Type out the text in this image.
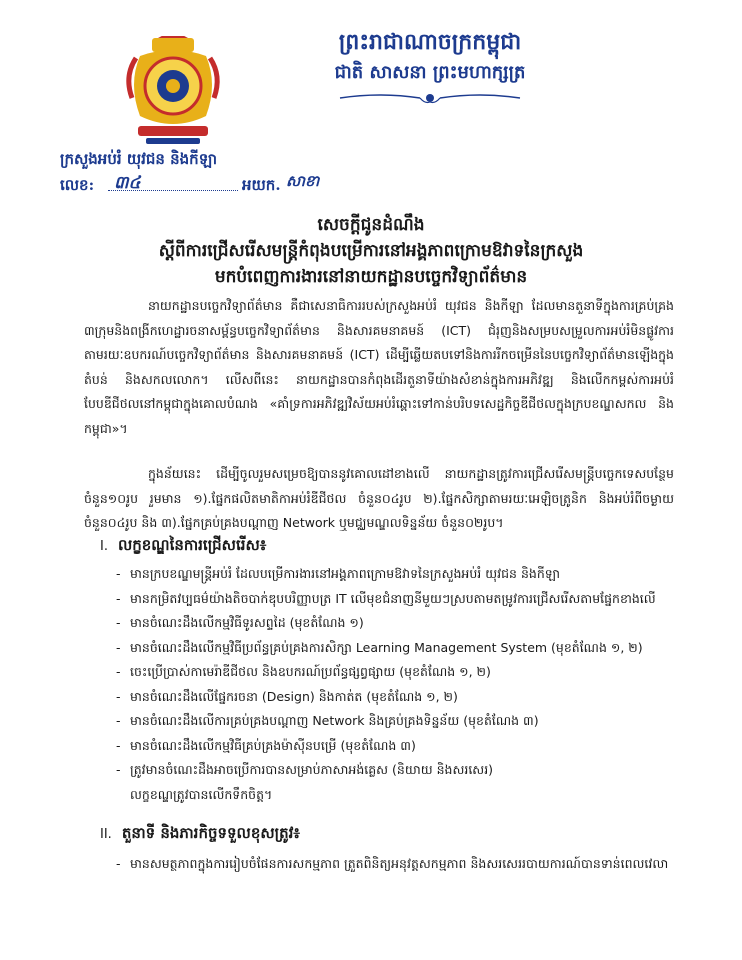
ព្រះរាជាណាចក្រកម្ពុជា
ជាតិ សាសនា ព្រះមហាក្សត្រ
ក្រសួងអប់រំ យុវជន និងកីឡា
លេខ: ៣៤	អយក. សាខា
សេចក្តីជូនដំណឹង
ស្តីពីការជ្រើសរើសមន្ត្រីកំពុងបម្រើការនៅអង្គភាពក្រោមឱវាទនៃក្រសួង
មកបំពេញការងារនៅនាយកដ្ឋានបច្ចេកវិទ្យាព័ត៌មាន
នាយកដ្ឋានបច្ចេកវិទ្យាព័ត៌មាន គឺជាសេនាធិការរបស់ក្រសួងអប់រំ យុវជន និងកីឡា ដែលមានតួនាទីក្នុងការគ្រប់គ្រង ៣ក្រុមនិងពង្រីកហេដ្ឋារចនាសម្ព័ន្ធបច្ចេកវិទ្យាព័ត៌មាន និងសារគមនាគមន៍ (ICT) ជំរុញនិងសម្របសម្រួលការអប់រំមិនផ្លូវការតាមរយៈឧបករណ៍បច្ចេកវិទ្យាព័ត៌មាន និងសារគមនាគមន៍ (ICT) ដើម្បីឆ្លើយតបទៅនិងការរីកចម្រើននៃបច្ចេកវិទ្យាព័ត៌មានឡើងក្នុងតំបន់ និងសកលលោក។ លើសពីនេះ នាយកដ្ឋានបានកំពុងដើរតួនាទីយ៉ាងសំខាន់ក្នុងការអភិវឌ្ឍ និងលើកកម្ពស់ការអប់រំបែបឌីជីថលនៅកម្ពុជាក្នុងគោលបំណង «គាំទ្រការអភិវឌ្ឍវិស័យអប់រំឆ្ពោះទៅកាន់បរិបទសេដ្ឋកិច្ចឌីជីថលក្នុងក្របខណ្ឌសកល និងកម្ពុជា»។
ក្នុងន័យនេះ ដើម្បីចូលរួមសម្រេចឱ្យបាននូវគោលដៅខាងលើ នាយកដ្ឋានត្រូវការជ្រើសរើសមន្ត្រីបច្ចេកទេសបន្ថែមចំនួន១០រូប រួមមាន ១).ផ្នែកផលិតមាតិកាអប់រំឌីជីថល ចំនួន០៤រូប ២).ផ្នែកសិក្សាតាមរយៈអេឡិចត្រូនិក និងអប់រំពីចម្ងាយ ចំនួន០៤រូប និង ៣).ផ្នែកគ្រប់គ្រងបណ្តាញ Network ឬមជ្ឈមណ្ឌលទិន្នន័យ ចំនួន០២រូប។
I. លក្ខខណ្ឌនៃការជ្រើសរើស៖
- មានក្របខណ្ឌមន្ត្រីអប់រំ ដែលបម្រើការងារនៅអង្គភាពក្រោមឱវាទនៃក្រសួងអប់រំ យុវជន និងកីឡា
- មានកម្រិតវប្បធម៌យ៉ាងតិចបាក់ឌុបបរិញ្ញាបត្រ IT លើមុខជំនាញនីមួយៗស្របតាមតម្រូវការជ្រើសរើសតាមផ្នែកខាងលើ
- មានចំណេះដឹងលើកម្មវិធីទូរសព្ទដៃ (មុខតំណែង ១)
- មានចំណេះដឹងលើកម្មវិធីប្រព័ន្ធគ្រប់គ្រងការសិក្សា Learning Management System (មុខតំណែង ១, ២)
- ចេះប្រើប្រាស់កាមេរ៉ាឌីជីថល និងឧបករណ៍ប្រព័ន្ធផ្សព្វផ្សាយ (មុខតំណែង ១, ២)
- មានចំណេះដឹងលើផ្នែករចនា (Design) និងកាត់ត (មុខតំណែង ១, ២)
- មានចំណេះដឹងលើការគ្រប់គ្រងបណ្តាញ Network និងគ្រប់គ្រងទិន្នន័យ (មុខតំណែង ៣)
- មានចំណេះដឹងលើកម្មវិធីគ្រប់គ្រងម៉ាស៊ីនបម្រើ (មុខតំណែង ៣)
- ត្រូវមានចំណេះដឹងអាចប្រើការបានសម្រាប់ភាសាអង់គ្លេស (និយាយ និងសរសេរ)
លក្ខខណ្ឌត្រូវបានលើកទឹកចិត្ត។
II. តួនាទី និងភារកិច្ចទទួលខុសត្រូវ៖
- មានសមត្ថភាពក្នុងការរៀបចំផែនការសកម្មភាព ត្រួតពិនិត្យអនុវត្តសកម្មភាព និងសរសេររបាយការណ៍បានទាន់ពេលវេលា
